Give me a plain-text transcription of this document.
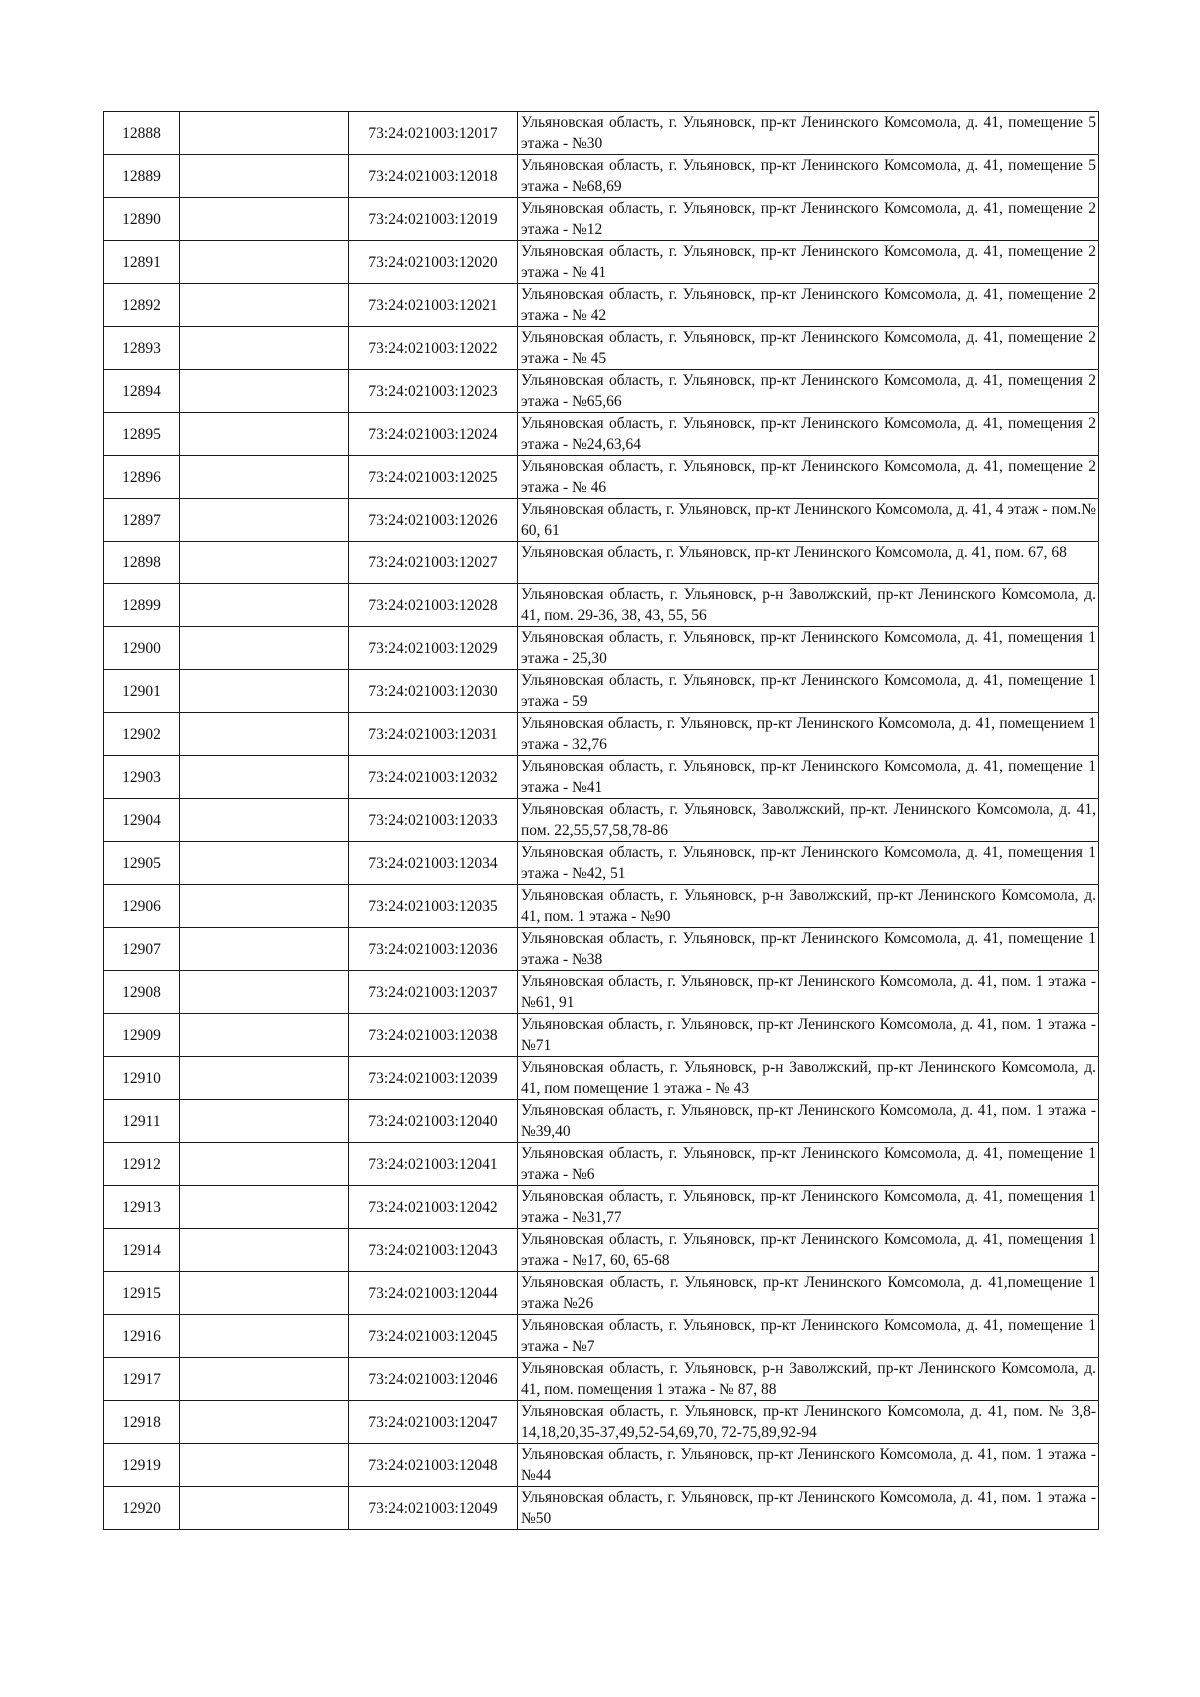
12888		73:24:021003:12017	Ульяновская область, г. Ульяновск, пр-кт Ленинского Комсомола, д. 41, помещение 5 этажа - №30
12889		73:24:021003:12018	Ульяновская область, г. Ульяновск, пр-кт Ленинского Комсомола, д. 41, помещение 5 этажа - №68,69
12890		73:24:021003:12019	Ульяновская область, г. Ульяновск, пр-кт Ленинского Комсомола, д. 41, помещение 2 этажа - №12
12891		73:24:021003:12020	Ульяновская область, г. Ульяновск, пр-кт Ленинского Комсомола, д. 41, помещение 2 этажа - № 41
12892		73:24:021003:12021	Ульяновская область, г. Ульяновск, пр-кт Ленинского Комсомола, д. 41, помещение 2 этажа - № 42
12893		73:24:021003:12022	Ульяновская область, г. Ульяновск, пр-кт Ленинского Комсомола, д. 41, помещение 2 этажа - № 45
12894		73:24:021003:12023	Ульяновская область, г. Ульяновск, пр-кт Ленинского Комсомола, д. 41, помещения 2 этажа - №65,66
12895		73:24:021003:12024	Ульяновская область, г. Ульяновск, пр-кт Ленинского Комсомола, д. 41, помещения 2 этажа - №24,63,64
12896		73:24:021003:12025	Ульяновская область, г. Ульяновск, пр-кт Ленинского Комсомола, д. 41, помещение 2 этажа - № 46
12897		73:24:021003:12026	Ульяновская область, г. Ульяновск, пр-кт Ленинского Комсомола, д. 41, 4 этаж - пом.№ 60, 61
12898		73:24:021003:12027	Ульяновская область, г. Ульяновск, пр-кт Ленинского Комсомола, д. 41, пом. 67, 68
12899		73:24:021003:12028	Ульяновская область, г. Ульяновск, р-н Заволжский, пр-кт Ленинского Комсомола, д. 41, пом. 29-36, 38, 43, 55, 56
12900		73:24:021003:12029	Ульяновская область, г. Ульяновск, пр-кт Ленинского Комсомола, д. 41, помещения 1 этажа - 25,30
12901		73:24:021003:12030	Ульяновская область, г. Ульяновск, пр-кт Ленинского Комсомола, д. 41, помещение 1 этажа - 59
12902		73:24:021003:12031	Ульяновская область, г. Ульяновск, пр-кт Ленинского Комсомола, д. 41, помещением 1 этажа - 32,76
12903		73:24:021003:12032	Ульяновская область, г. Ульяновск, пр-кт Ленинского Комсомола, д. 41, помещение 1 этажа - №41
12904		73:24:021003:12033	Ульяновская область, г. Ульяновск, Заволжский, пр-кт. Ленинского Комсомола, д. 41, пом. 22,55,57,58,78-86
12905		73:24:021003:12034	Ульяновская область, г. Ульяновск, пр-кт Ленинского Комсомола, д. 41, помещения 1 этажа - №42, 51
12906		73:24:021003:12035	Ульяновская область, г. Ульяновск, р-н Заволжский, пр-кт Ленинского Комсомола, д. 41, пом. 1 этажа - №90
12907		73:24:021003:12036	Ульяновская область, г. Ульяновск, пр-кт Ленинского Комсомола, д. 41, помещение 1 этажа - №38
12908		73:24:021003:12037	Ульяновская область, г. Ульяновск, пр-кт Ленинского Комсомола, д. 41, пом. 1 этажа - №61, 91
12909		73:24:021003:12038	Ульяновская область, г. Ульяновск, пр-кт Ленинского Комсомола, д. 41, пом. 1 этажа - №71
12910		73:24:021003:12039	Ульяновская область, г. Ульяновск, р-н Заволжский, пр-кт Ленинского Комсомола, д. 41, пом помещение 1 этажа - № 43
12911		73:24:021003:12040	Ульяновская область, г. Ульяновск, пр-кт Ленинского Комсомола, д. 41, пом. 1 этажа - №39,40
12912		73:24:021003:12041	Ульяновская область, г. Ульяновск, пр-кт Ленинского Комсомола, д. 41, помещение 1 этажа - №6
12913		73:24:021003:12042	Ульяновская область, г. Ульяновск, пр-кт Ленинского Комсомола, д. 41, помещения 1 этажа - №31,77
12914		73:24:021003:12043	Ульяновская область, г. Ульяновск, пр-кт Ленинского Комсомола, д. 41, помещения 1 этажа - №17, 60, 65-68
12915		73:24:021003:12044	Ульяновская область, г. Ульяновск, пр-кт Ленинского Комсомола, д. 41,помещение 1 этажа №26
12916		73:24:021003:12045	Ульяновская область, г. Ульяновск, пр-кт Ленинского Комсомола, д. 41, помещение 1 этажа - №7
12917		73:24:021003:12046	Ульяновская область, г. Ульяновск, р-н Заволжский, пр-кт Ленинского Комсомола, д. 41, пом. помещения 1 этажа - № 87, 88
12918		73:24:021003:12047	Ульяновская область, г. Ульяновск, пр-кт Ленинского Комсомола, д. 41, пом. № 3,8-14,18,20,35-37,49,52-54,69,70, 72-75,89,92-94
12919		73:24:021003:12048	Ульяновская область, г. Ульяновск, пр-кт Ленинского Комсомола, д. 41, пом. 1 этажа - №44
12920		73:24:021003:12049	Ульяновская область, г. Ульяновск, пр-кт Ленинского Комсомола, д. 41, пом. 1 этажа - №50
